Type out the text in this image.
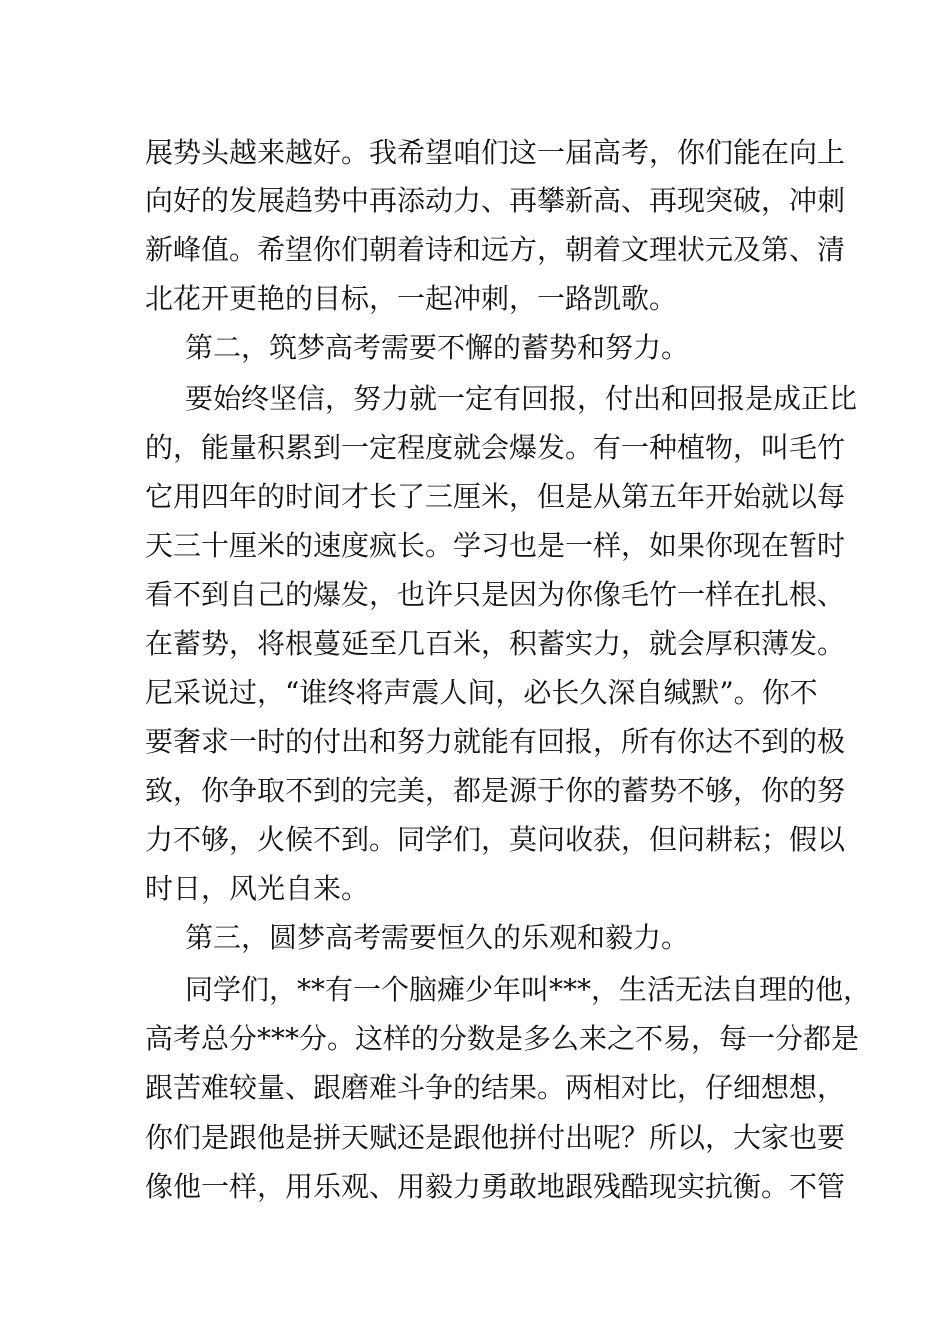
展势头越来越好。我希望咱们这一届高考，你们能在向上
向好的发展趋势中再添动力、再攀新高、再现突破，冲刺
新峰值。希望你们朝着诗和远方，朝着文理状元及第、清
北花开更艳的目标，一起冲刺，一路凯歌。
第二，筑梦高考需要不懈的蓄势和努力。
要始终坚信，努力就一定有回报，付出和回报是成正比
的，能量积累到一定程度就会爆发。有一种植物，叫毛竹
它用四年的时间才长了三厘米，但是从第五年开始就以每
天三十厘米的速度疯长。学习也是一样，如果你现在暂时
看不到自己的爆发，也许只是因为你像毛竹一样在扎根、
在蓄势，将根蔓延至几百米，积蓄实力，就会厚积薄发。
尼采说过，“谁终将声震人间，必长久深自缄默”。你不
要奢求一时的付出和努力就能有回报，所有你达不到的极
致，你争取不到的完美，都是源于你的蓄势不够，你的努
力不够，火候不到。同学们，莫问收获，但问耕耘；假以
时日，风光自来。
第三，圆梦高考需要恒久的乐观和毅力。
同学们，**有一个脑瘫少年叫***，生活无法自理的他，
高考总分***分。这样的分数是多么来之不易，每一分都是
跟苦难较量、跟磨难斗争的结果。两相对比，仔细想想，
你们是跟他是拼天赋还是跟他拼付出呢？所以，大家也要
像他一样，用乐观、用毅力勇敢地跟残酷现实抗衡。不管
